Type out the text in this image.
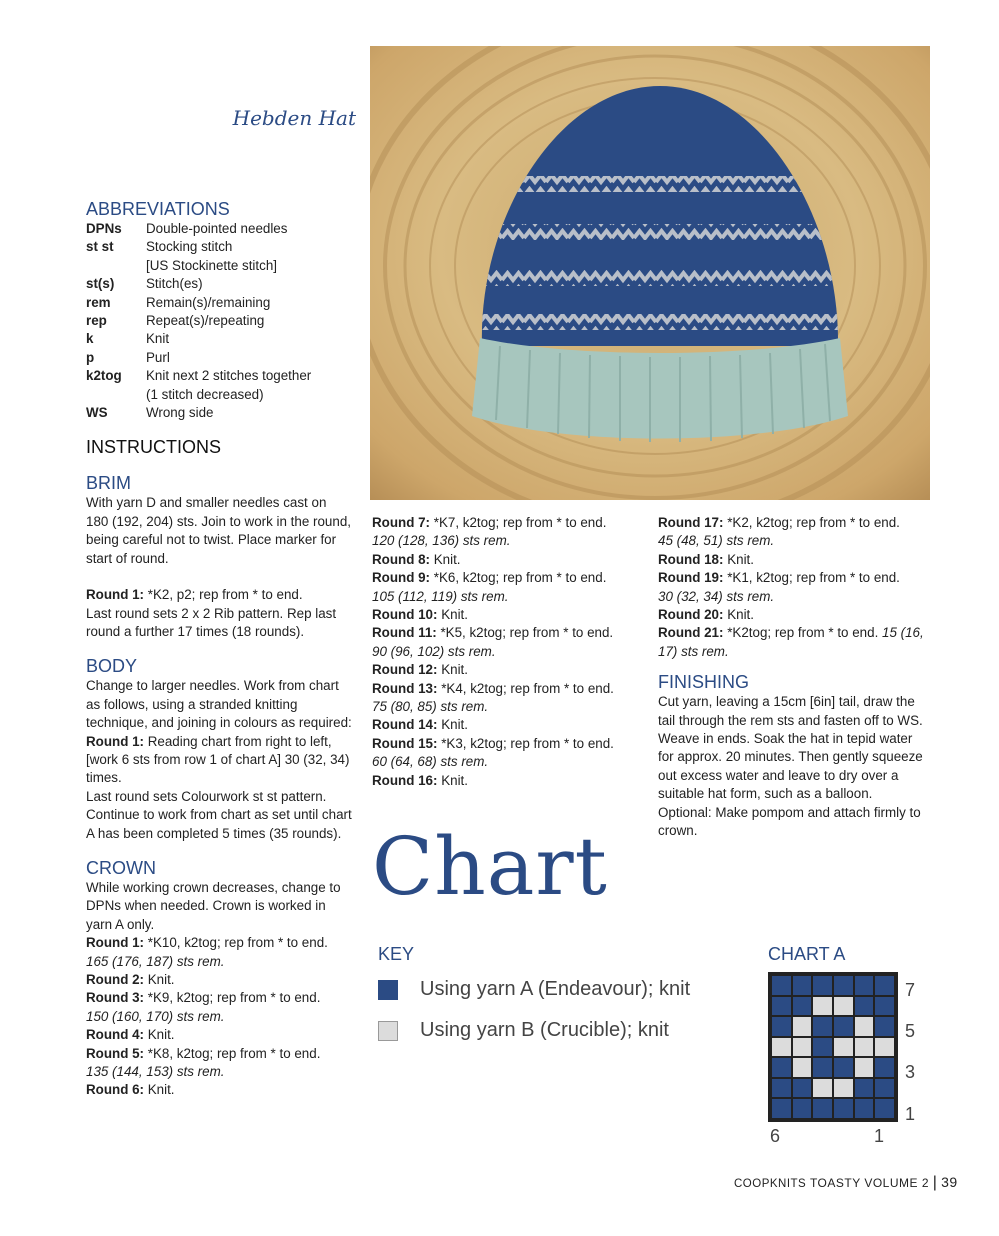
Hebden Hat

ABBREVIATIONS

DPNs	Double-pointed needles
st st	Stocking stitch
[US Stockinette stitch]
st(s)	Stitch(es)
rem	Remain(s)/remaining
rep	Repeat(s)/repeating
k	Knit
p	Purl
k2tog	Knit next 2 stitches together
(1 stitch decreased)
WS	Wrong side

INSTRUCTIONS

BRIM

With yarn D and smaller needles cast on 180 (192, 204) sts. Join to work in the round, being careful not to twist. Place marker for start of round.

Round 1: *K2, p2; rep from * to end.

Last round sets 2 x 2 Rib pattern. Rep last round a further 17 times (18 rounds).

BODY

Change to larger needles. Work from chart as follows, using a stranded knitting technique, and joining in colours as required:

Round 1: Reading chart from right to left, [work 6 sts from row 1 of chart A] 30 (32, 34) times.

Last round sets Colourwork st st pattern. Continue to work from chart as set until chart A has been completed 5 times (35 rounds).

CROWN

While working crown decreases, change to DPNs when needed. Crown is worked in yarn A only.

Round 1: *K10, k2tog; rep from * to end.

165 (176, 187) sts rem.

Round 2: Knit.

Round 3: *K9, k2tog; rep from * to end.

150 (160, 170) sts rem.

Round 4: Knit.

Round 5: *K8, k2tog; rep from * to end.

135 (144, 153) sts rem.

Round 6: Knit.

Round 7: *K7, k2tog; rep from * to end.

120 (128, 136) sts rem.

Round 8: Knit.

Round 9: *K6, k2tog; rep from * to end.

105 (112, 119) sts rem.

Round 10: Knit.

Round 11: *K5, k2tog; rep from * to end.

90 (96, 102) sts rem.

Round 12: Knit.

Round 13: *K4, k2tog; rep from * to end.

75 (80, 85) sts rem.

Round 14: Knit.

Round 15: *K3, k2tog; rep from * to end.

60 (64, 68) sts rem.

Round 16: Knit.

Round 17: *K2, k2tog; rep from * to end.

45 (48, 51) sts rem.

Round 18: Knit.

Round 19: *K1, k2tog; rep from * to end.

30 (32, 34) sts rem.

Round 20: Knit.

Round 21: *K2tog; rep from * to end. 15 (16, 17) sts rem.

FINISHING

Cut yarn, leaving a 15cm [6in] tail, draw the tail through the rem sts and fasten off to WS. Weave in ends. Soak the hat in tepid water for approx. 20 minutes. Then gently squeeze out excess water and leave to dry over a suitable hat form, such as a balloon.

Optional: Make pompom and attach firmly to crown.

Chart
KEY
Using yarn A (Endeavour); knit
Using yarn B (Crucible); knit
CHART A
7
5
3
1
6	1
COOPKNITS TOASTY VOLUME 2 | 39
